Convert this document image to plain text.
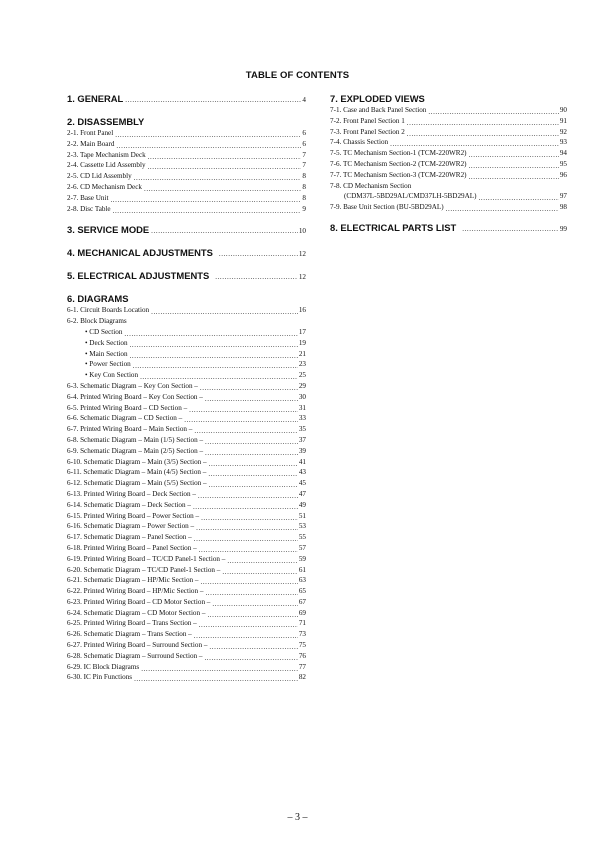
TABLE OF CONTENTS
1. GENERAL .....	4
2. DISASSEMBLY
2-1. Front Panel .....	6
2-2. Main Board .....	6
2-3. Tape Mechanism Deck .....	7
2-4. Cassette Lid Assembly .....	7
2-5. CD Lid Assembly .....	8
2-6. CD Mechanism Deck .....	8
2-7. Base Unit .....	8
2-8. Disc Table .....	9
3. SERVICE MODE .....	10
4. MECHANICAL ADJUSTMENTS .....	12
5. ELECTRICAL ADJUSTMENTS .....	12
6. DIAGRAMS
6-1. Circuit Boards Location .....	16
6-2. Block Diagrams
• CD Section .....	17
• Deck Section .....	19
• Main Section .....	21
• Power Section .....	23
• Key Con Section .....	25
6-3. Schematic Diagram – Key Con Section – .....	29
6-4. Printed Wiring Board – Key Con Section – .....	30
6-5. Printed Wiring Board – CD Section – .....	31
6-6. Schematic Diagram – CD Section – .....	33
6-7. Printed Wiring Board – Main Section – .....	35
6-8. Schematic Diagram – Main (1/5) Section – .....	37
6-9. Schematic Diagram – Main (2/5) Section – .....	39
6-10. Schematic Diagram – Main (3/5) Section – .....	41
6-11. Schematic Diagram – Main (4/5) Section – .....	43
6-12. Schematic Diagram – Main (5/5) Section – .....	45
6-13. Printed Wiring Board – Deck Section – .....	47
6-14. Schematic Diagram – Deck Section – .....	49
6-15. Printed Wiring Board – Power Section – .....	51
6-16. Schematic Diagram – Power Section – .....	53
6-17. Schematic Diagram – Panel Section – .....	55
6-18. Printed Wiring Board – Panel Section – .....	57
6-19. Printed Wiring Board – TC/CD Panel-1 Section – .....	59
6-20. Schematic Diagram – TC/CD Panel-1 Section – .....	61
6-21. Schematic Diagram – HP/Mic Section – .....	63
6-22. Printed Wiring Board – HP/Mic Section – .....	65
6-23. Printed Wiring Board – CD Motor Section – .....	67
6-24. Schematic Diagram – CD Motor Section – .....	69
6-25. Printed Wiring Board – Trans Section – .....	71
6-26. Schematic Diagram – Trans Section – .....	73
6-27. Printed Wiring Board – Surround Section – .....	75
6-28. Schematic Diagram – Surround Section – .....	76
6-29. IC Block Diagrams .....	77
6-30. IC Pin Functions .....	82
7. EXPLODED VIEWS
7-1. Case and Back Panel Section .....	90
7-2. Front Panel Section 1 .....	91
7-3. Front Panel Section 2 .....	92
7-4. Chassis Section .....	93
7-5. TC Mechanism Section-1 (TCM-220WR2) .....	94
7-6. TC Mechanism Section-2 (TCM-220WR2) .....	95
7-7. TC Mechanism Section-3 (TCM-220WR2) .....	96
7-8. CD Mechanism Section
(CDM37L-5BD29AL/CMD37LH-5BD29AL) .....	97
7-9. Base Unit Section (BU-5BD29AL) .....	98
8. ELECTRICAL PARTS LIST .....	99
– 3 –
